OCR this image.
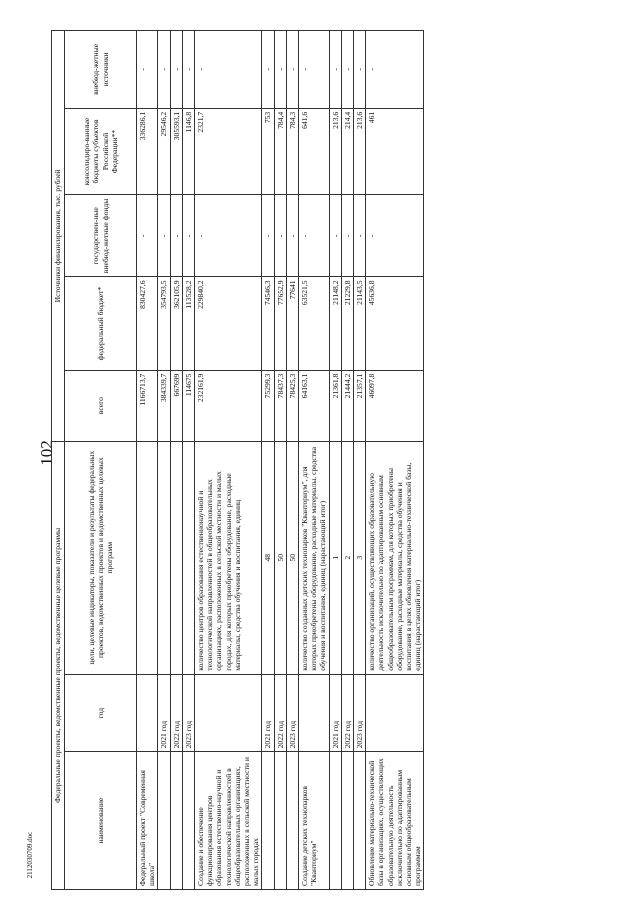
102
2112030709.doc
Федеральные проекты, ведомственные проекты, ведомственные целевые программы			Источники финансирования, тыс. рублей				
наименование	год	цели, целевые индикаторы, показатели и результаты федеральных проектов, ведомственных проектов и ведомственных целевых программ	всего	федеральный бюджет*	государствен-ные внебюд-жетные фонды	консолидиро-ванные бюджеты субъектов Российской Федерации**	внебюд-жетные источники
Федеральный проект "Современная школа"			1166713,7	830427,6	-	336286,1	-
	2021 год		384339,7	354793,5	-	29546,2	-
	2022 год		667699	362105,9	-	305593,1	-
	2023 год		114675	113528,2	-	1146,8	-
Создание и обеспечение функционирования центров образования естественно-научной и технологической направленностей в общеобразовательных организациях, расположенных в сельской местности и малых городах		количество центров образования естественнонаучной и технологической направленностей в общеобразовательных организациях, расположенных в сельской местности и малых городах, для которых приобретены оборудование, расходные материалы, средства обучения и воспитания, единиц	232161,9	229840,2	-	2321,7	-
	2021 год	48	75299,3	74546,3	-	753	-
	2022 год	50	78437,3	77652,9	-	784,4	-
	2023 год	50	78425,3	77641	-	784,3	-
Создание детских технопарков "Кванториум"		количество созданных детских технопарков "Кванториум", для которых приобретены оборудование, расходные материалы, средства обучения и воспитания, единиц (нарастающий итог)	64163,1	63521,5	-	641,6	-
	2021 год	1	21361,8	21148,2	-	213,6	-
	2022 год	2	21444,2	21229,8	-	214,4	-
	2023 год	3	21357,1	21143,5	-	213,6	-
Обновление материально-технической базы в организациях, осуществляющих образовательную деятельность исключительно по адаптированным основным общеобразовательным программам		количество организаций, осуществляющих образовательную деятельность исключительно по адаптированным основным общеобразовательным программам, для которых приобретены оборудование, расходные материалы, средства обучения и воспитания в целях обновления материально-технической базы, единиц (нарастающий итог)	46097,8	45636,8	-	461	-
